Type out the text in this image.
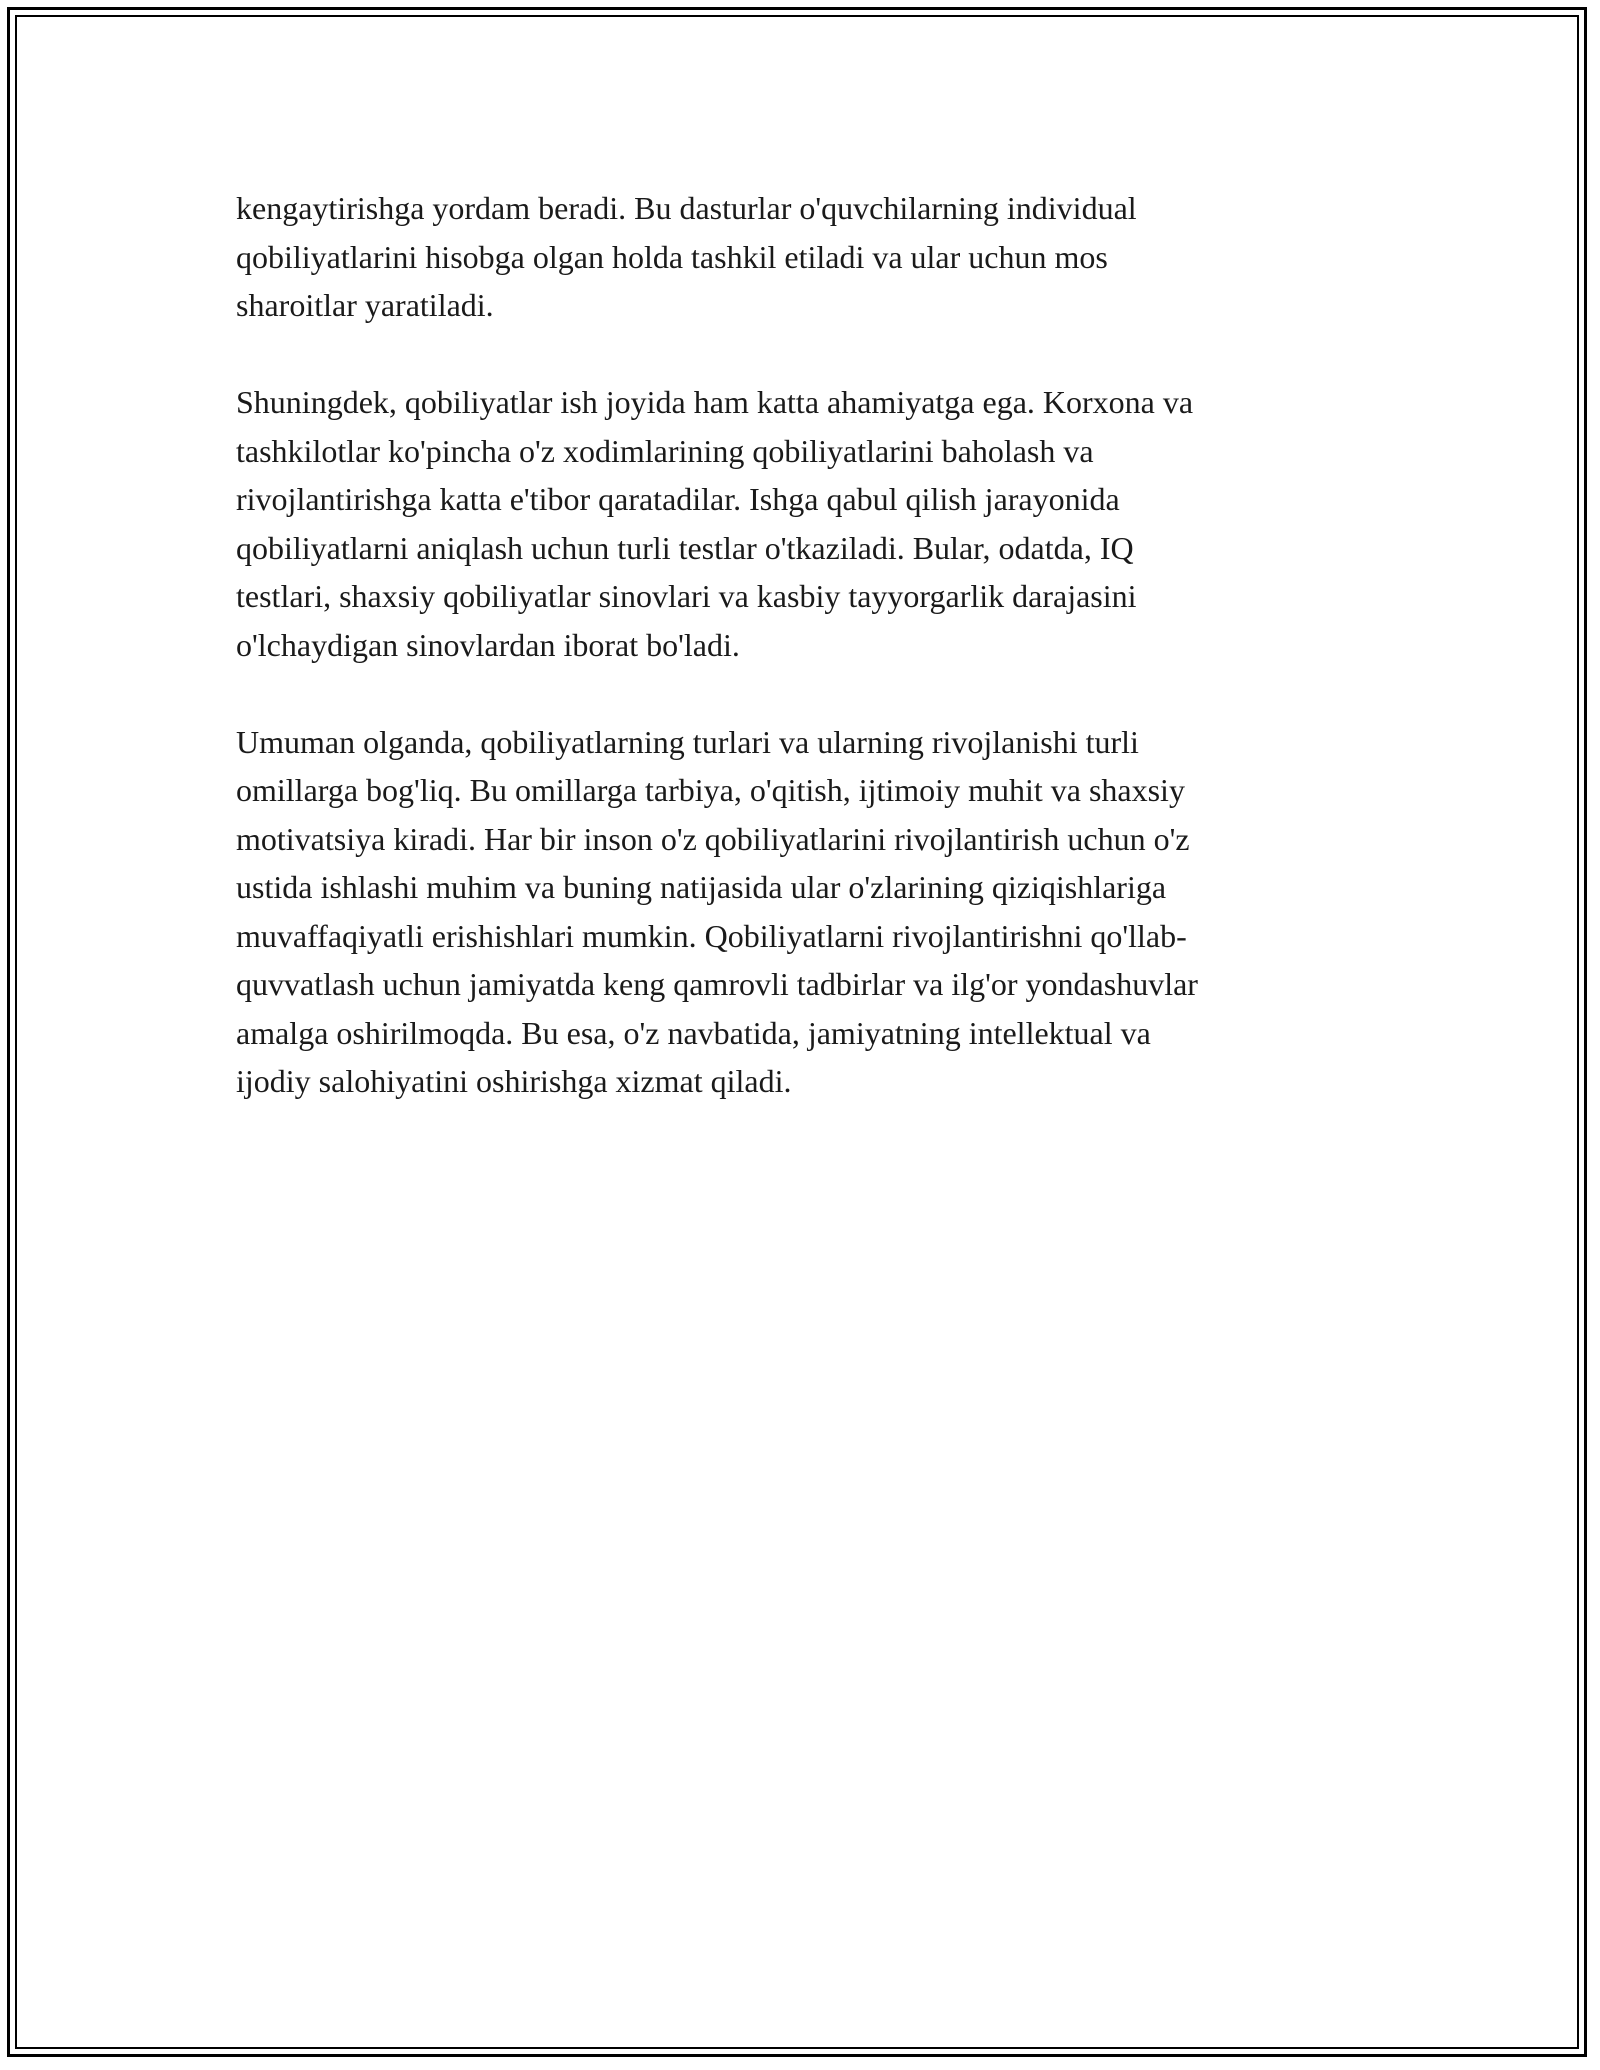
kengaytirishga yordam beradi. Bu dasturlar o'quvchilarning individual
qobiliyatlarini hisobga olgan holda tashkil etiladi va ular uchun mos
sharoitlar yaratiladi.

Shuningdek, qobiliyatlar ish joyida ham katta ahamiyatga ega. Korxona va
tashkilotlar ko'pincha o'z xodimlarining qobiliyatlarini baholash va
rivojlantirishga katta e'tibor qaratadilar. Ishga qabul qilish jarayonida
qobiliyatlarni aniqlash uchun turli testlar o'tkaziladi. Bular, odatda, IQ
testlari, shaxsiy qobiliyatlar sinovlari va kasbiy tayyorgarlik darajasini
o'lchaydigan sinovlardan iborat bo'ladi.

Umuman olganda, qobiliyatlarning turlari va ularning rivojlanishi turli
omillarga bog'liq. Bu omillarga tarbiya, o'qitish, ijtimoiy muhit va shaxsiy
motivatsiya kiradi. Har bir inson o'z qobiliyatlarini rivojlantirish uchun o'z
ustida ishlashi muhim va buning natijasida ular o'zlarining qiziqishlariga
muvaffaqiyatli erishishlari mumkin. Qobiliyatlarni rivojlantirishni qo'llab-
quvvatlash uchun jamiyatda keng qamrovli tadbirlar va ilg'or yondashuvlar
amalga oshirilmoqda. Bu esa, o'z navbatida, jamiyatning intellektual va
ijodiy salohiyatini oshirishga xizmat qiladi.
